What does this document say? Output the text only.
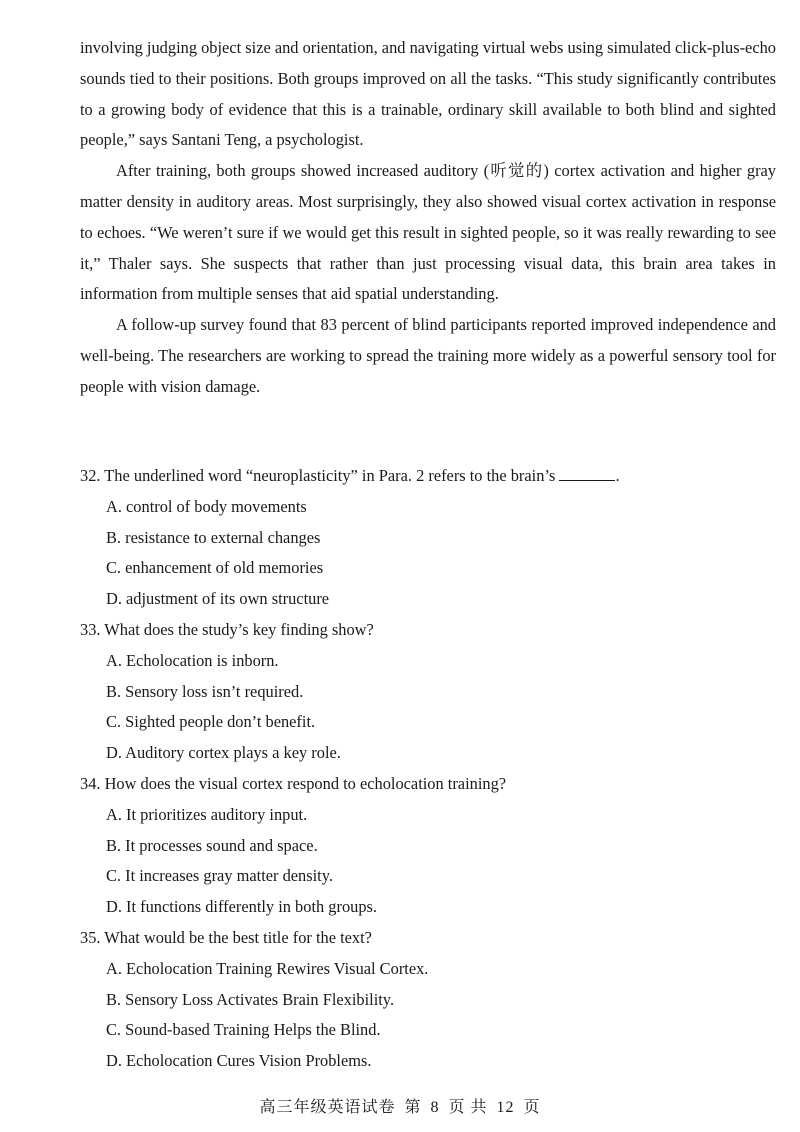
involving judging object size and orientation, and navigating virtual webs using simulated click-plus-echo sounds tied to their positions. Both groups improved on all the tasks. “This study significantly contributes to a growing body of evidence that this is a trainable, ordinary skill available to both blind and sighted people,” says Santani Teng, a psychologist.

After training, both groups showed increased auditory (听觉的) cortex activation and higher gray matter density in auditory areas. Most surprisingly, they also showed visual cortex activation in response to echoes. “We weren’t sure if we would get this result in sighted people, so it was really rewarding to see it,” Thaler says. She suspects that rather than just processing visual data, this brain area takes in information from multiple senses that aid spatial understanding.

A follow-up survey found that 83 percent of blind participants reported improved independence and well-being. The researchers are working to spread the training more widely as a powerful sensory tool for people with vision damage.

32. The underlined word “neuroplasticity” in Para. 2 refers to the brain’s	.

A. control of body movements
B. resistance to external changes
C. enhancement of old memories
D. adjustment of its own structure

33. What does the study’s key finding show?

A. Echolocation is inborn.
B. Sensory loss isn’t required.
C. Sighted people don’t benefit.
D. Auditory cortex plays a key role.

34. How does the visual cortex respond to echolocation training?

A. It prioritizes auditory input.
B. It processes sound and space.
C. It increases gray matter density.
D. It functions differently in both groups.

35. What would be the best title for the text?

A. Echolocation Training Rewires Visual Cortex.
B. Sensory Loss Activates Brain Flexibility.
C. Sound-based Training Helps the Blind.
D. Echolocation Cures Vision Problems.
高三年级英语试卷 第 8 页 共 12 页
